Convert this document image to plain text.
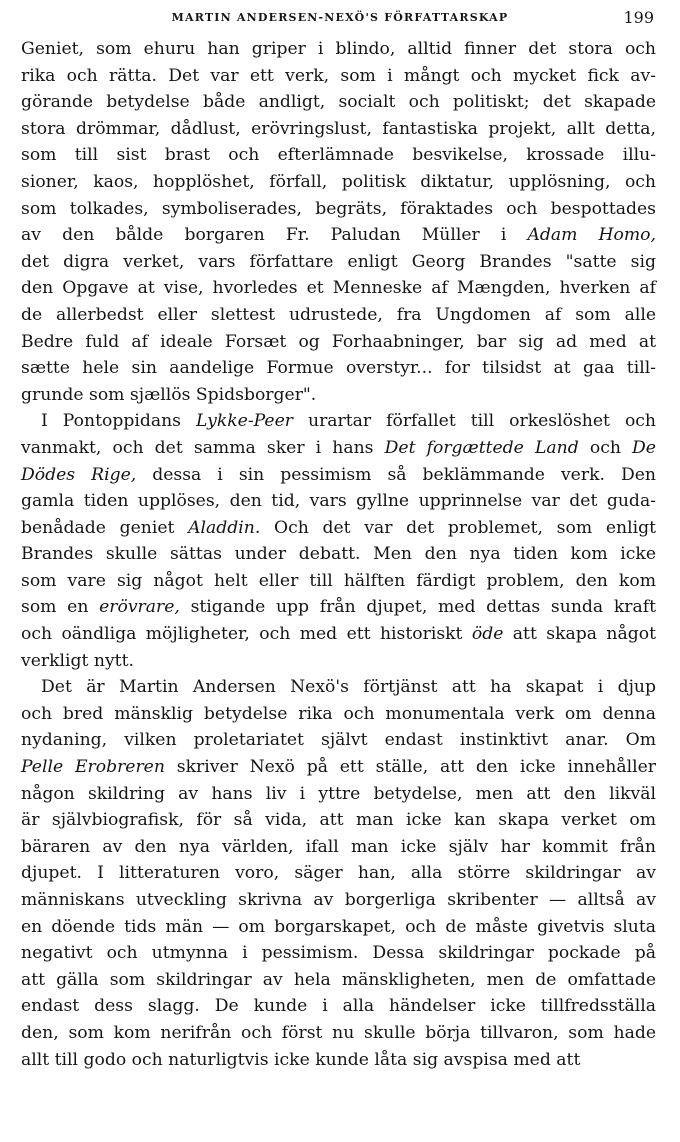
MARTIN ANDERSEN-NEXÖ'S FÖRFATTARSKAP	199
Geniet, som ehuru han griper i blindo, alltid finner det stora och
rika och rätta. Det var ett verk, som i mångt och mycket fick av-
görande betydelse både andligt, socialt och politiskt; det skapade
stora drömmar, dådlust, erövringslust, fantastiska projekt, allt detta,
som till sist brast och efterlämnade besvikelse, krossade illu-
sioner, kaos, hopplöshet, förfall, politisk diktatur, upplösning, och
som tolkades, symboliserades, begräts, föraktades och bespottades
av den bålde borgaren Fr. Paludan Müller i Adam Homo,
det digra verket, vars författare enligt Georg Brandes "satte sig
den Opgave at vise, hvorledes et Menneske af Mængden, hverken af
de allerbedst eller slettest udrustede, fra Ungdomen af som alle
Bedre fuld af ideale Forsæt og Forhaabninger, bar sig ad med at
sætte hele sin aandelige Formue overstyr... for tilsidst at gaa till-
grunde som sjællös Spidsborger".
I Pontoppidans Lykke-Peer urartar förfallet till orkeslöshet och
vanmakt, och det samma sker i hans Det forgættede Land och De
Dödes Rige, dessa i sin pessimism så beklämmande verk. Den
gamla tiden upplöses, den tid, vars gyllne upprinnelse var det guda-
benådade geniet Aladdin. Och det var det problemet, som enligt
Brandes skulle sättas under debatt. Men den nya tiden kom icke
som vare sig något helt eller till hälften färdigt problem, den kom
som en erövrare, stigande upp från djupet, med dettas sunda kraft
och oändliga möjligheter, och med ett historiskt öde att skapa något
verkligt nytt.
Det är Martin Andersen Nexö's förtjänst att ha skapat i djup
och bred mänsklig betydelse rika och monumentala verk om denna
nydaning, vilken proletariatet självt endast instinktivt anar. Om
Pelle Erobreren skriver Nexö på ett ställe, att den icke innehåller
någon skildring av hans liv i yttre betydelse, men att den likväl
är självbiografisk, för så vida, att man icke kan skapa verket om
bäraren av den nya världen, ifall man icke själv har kommit från
djupet. I litteraturen voro, säger han, alla större skildringar av
människans utveckling skrivna av borgerliga skribenter — alltså av
en döende tids män — om borgarskapet, och de måste givetvis sluta
negativt och utmynna i pessimism. Dessa skildringar pockade på
att gälla som skildringar av hela mänskligheten, men de omfattade
endast dess slagg. De kunde i alla händelser icke tillfredsställa
den, som kom nerifrån och först nu skulle börja tillvaron, som hade
allt till godo och naturligtvis icke kunde låta sig avspisa med att
